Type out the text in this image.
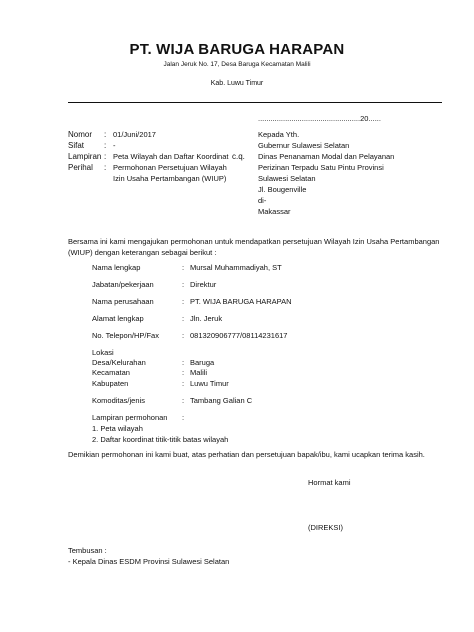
PT. WIJA BARUGA HARAPAN
Jalan Jeruk No. 17, Desa Baruga Kecamatan Malili
Kab. Luwu Timur
.................................................20......
Nomor	: 01/Juni/2017
Sifat	: -
Lampiran : Peta Wilayah dan Daftar Koordinat c.q.
Perihal	: Permohonan Persetujuan Wilayah
Izin Usaha Pertambangan (WIUP)
Kepada Yth.
Gubernur Sulawesi Selatan
Dinas Penanaman Modal dan Pelayanan
Perizinan Terpadu Satu Pintu Provinsi
Sulawesi Selatan
Jl. Bougenville
di-
Makassar
Bersama ini kami mengajukan permohonan untuk mendapatkan persetujuan Wilayah Izin Usaha Pertambangan (WIUP) dengan keterangan sebagai berikut :
Nama lengkap	: Mursal Muhammadiyah, ST
Jabatan/pekerjaan	: Direktur
Nama perusahaan	: PT. WIJA BARUGA HARAPAN
Alamat lengkap	: Jln. Jeruk
No. Telepon/HP/Fax	: 081320906777/08114231617
Lokasi
Desa/Kelurahan	: Baruga
Kecamatan	: Malili
Kabupaten	: Luwu Timur
Komoditas/jenis	: Tambang Galian C
Lampiran permohonan :
1. Peta wilayah
2. Daftar koordinat titik-titik batas wilayah
Demikian permohonan ini kami buat, atas perhatian dan persetujuan bapak/ibu, kami ucapkan terima kasih.
Hormat kami
(DIREKSI)
Tembusan :
- Kepala Dinas ESDM Provinsi Sulawesi Selatan
